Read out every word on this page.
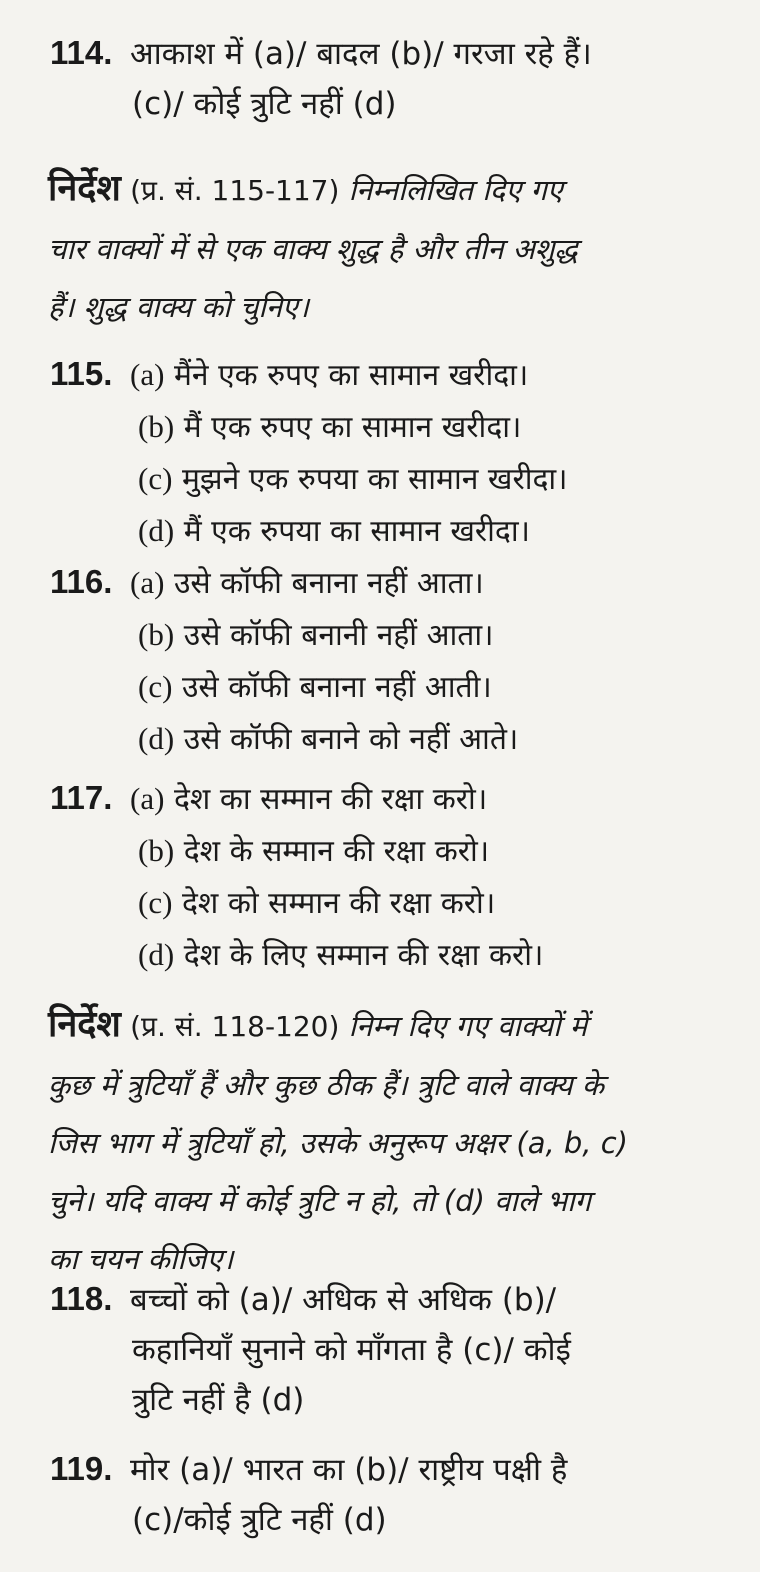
114. आकाश में (a)/ बादल (b)/ गरजा रहे हैं।
(c)/ कोई त्रुटि नहीं (d)
निर्देश (प्र. सं. 115-117) निम्नलिखित दिए गए
चार वाक्यों में से एक वाक्य शुद्ध है और तीन अशुद्ध
हैं। शुद्ध वाक्य को चुनिए।
115. (a) मैंने एक रुपए का सामान खरीदा।
(b) मैं एक रुपए का सामान खरीदा।
(c) मुझने एक रुपया का सामान खरीदा।
(d) मैं एक रुपया का सामान खरीदा।
116. (a) उसे कॉफी बनाना नहीं आता।
(b) उसे कॉफी बनानी नहीं आता।
(c) उसे कॉफी बनाना नहीं आती।
(d) उसे कॉफी बनाने को नहीं आते।
117. (a) देश का सम्मान की रक्षा करो।
(b) देश के सम्मान की रक्षा करो।
(c) देश को सम्मान की रक्षा करो।
(d) देश के लिए सम्मान की रक्षा करो।
निर्देश (प्र. सं. 118-120) निम्न दिए गए वाक्यों में
कुछ में त्रुटियाँ हैं और कुछ ठीक हैं। त्रुटि वाले वाक्य के
जिस भाग में त्रुटियाँ हो, उसके अनुरूप अक्षर (a, b, c)
चुने। यदि वाक्य में कोई त्रुटि न हो, तो (d) वाले भाग
का चयन कीजिए।
118. बच्चों को (a)/ अधिक से अधिक (b)/
कहानियाँ सुनाने को माँगता है (c)/ कोई
त्रुटि नहीं है (d)
119. मोर (a)/ भारत का (b)/ राष्ट्रीय पक्षी है
(c)/कोई त्रुटि नहीं (d)
